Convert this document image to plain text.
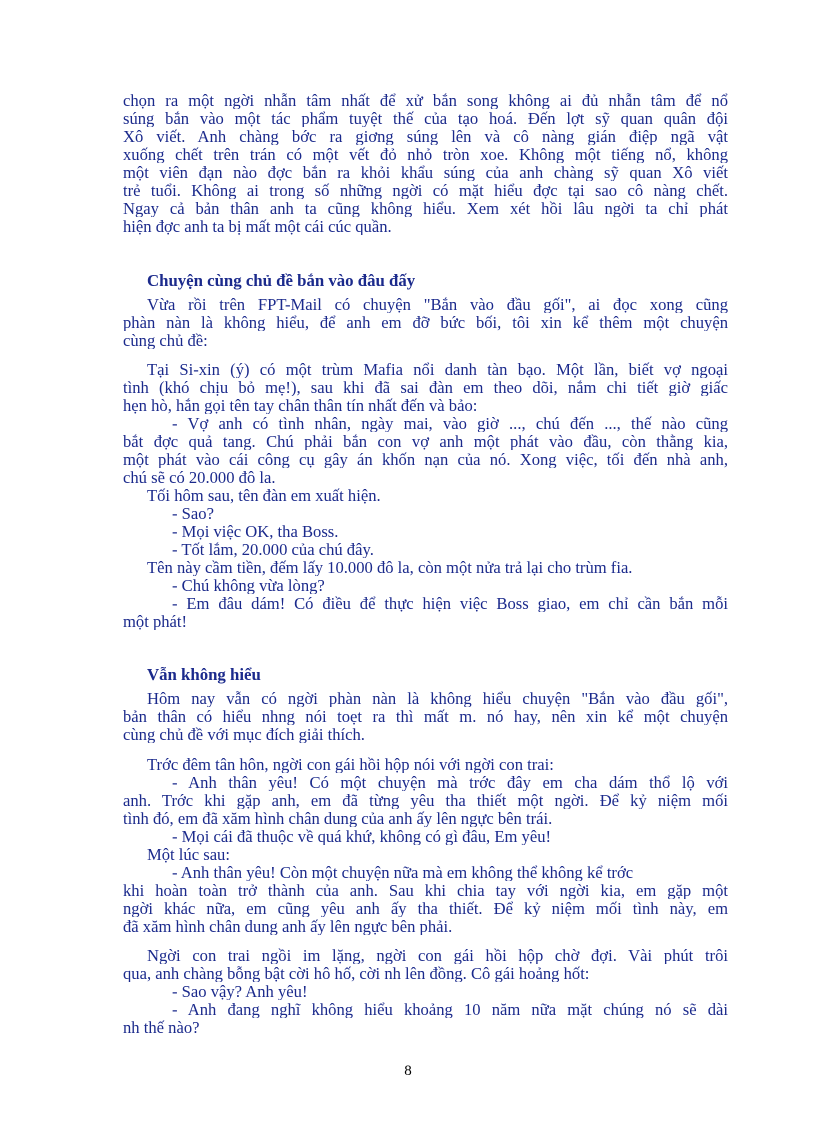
chọn ra một ngời nhẫn tâm nhất để xử bắn song không ai đủ nhẫn tâm để nổ

súng bắn vào một tác phẩm tuyệt thế của tạo hoá. Đến lợt sỹ quan quân đội

Xô viết. Anh chàng bớc ra giơng súng lên và cô nàng gián điệp ngã vật

xuống chết trên trán có một vết đỏ nhỏ tròn xoe. Không một tiếng nổ, không

một viên đạn nào đợc bắn ra khỏi khẩu súng của anh chàng sỹ quan Xô viết

trẻ tuổi. Không ai trong số những ngời có mặt hiểu đợc tại sao cô nàng chết.

Ngay cả bản thân anh ta cũng không hiểu. Xem xét hồi lâu ngời ta chỉ phát

hiện đợc anh ta bị mất một cái cúc quần.

Chuyện cùng chủ đề bắn vào đâu đấy

Vừa rồi trên FPT-Mail có chuyện "Bắn vào đầu gối", ai đọc xong cũng

phàn nàn là không hiểu, để anh em đỡ bức bối, tôi xin kể thêm một chuyện

cùng chủ đề:

Tại Si-xin (ý) có một trùm Mafia nổi danh tàn bạo. Một lần, biết vợ ngoại

tình (khó chịu bỏ mẹ!), sau khi đã sai đàn em theo dõi, nắm chi tiết giờ giấc

hẹn hò, hắn gọi tên tay chân thân tín nhất đến và bảo:

- Vợ anh có tình nhân, ngày mai, vào giờ ..., chú đến ..., thế nào cũng

bắt đợc quả tang. Chú phải bắn con vợ anh một phát vào đầu, còn thằng kia,

một phát vào cái công cụ gây án khốn nạn của nó. Xong việc, tối đến nhà anh,

chú sẽ có 20.000 đô la.

Tối hôm sau, tên đàn em xuất hiện.

- Sao?

- Mọi việc OK, tha Boss.

- Tốt lắm, 20.000 của chú đây.

Tên này cầm tiền, đếm lấy 10.000 đô la, còn một nửa trả lại cho trùm fia.

- Chú không vừa lòng?

- Em đâu dám! Có điều để thực hiện việc Boss giao, em chỉ cần bắn mỗi

một phát!

Vẫn không hiểu

Hôm nay vẫn có ngời phàn nàn là không hiểu chuyện "Bắn vào đầu gối",

bản thân có hiểu nhng nói toẹt ra thì mất m. nó hay, nên xin kể một chuyện

cùng chủ đề với mục đích giải thích.

Trớc đêm tân hôn, ngời con gái hồi hộp nói với ngời con trai:

- Anh thân yêu! Có một chuyện mà trớc đây em cha dám thổ lộ với

anh. Trớc khi gặp anh, em đã từng yêu tha thiết một ngời. Để kỷ niệm mối

tình đó, em đã xăm hình chân dung của anh ấy lên ngực bên trái.

- Mọi cái đã thuộc về quá khứ, không có gì đâu, Em yêu!

Một lúc sau:

- Anh thân yêu! Còn một chuyện nữa mà em không thể không kể trớc

khi hoàn toàn trở thành của anh. Sau khi chia tay với ngời kia, em gặp một

ngời khác nữa, em cũng yêu anh ấy tha thiết. Để kỷ niệm mối tình này, em

đã xăm hình chân dung anh ấy lên ngực bên phải.

Ngời con trai ngồi im lặng, ngời con gái hồi hộp chờ đợi. Vài phút trôi

qua, anh chàng bỗng bật cời hô hố, cời nh lên đồng. Cô gái hoảng hốt:

- Sao vậy? Anh yêu!

- Anh đang nghĩ không hiểu khoảng 10 năm nữa mặt chúng nó sẽ dài

nh thế nào?

8
